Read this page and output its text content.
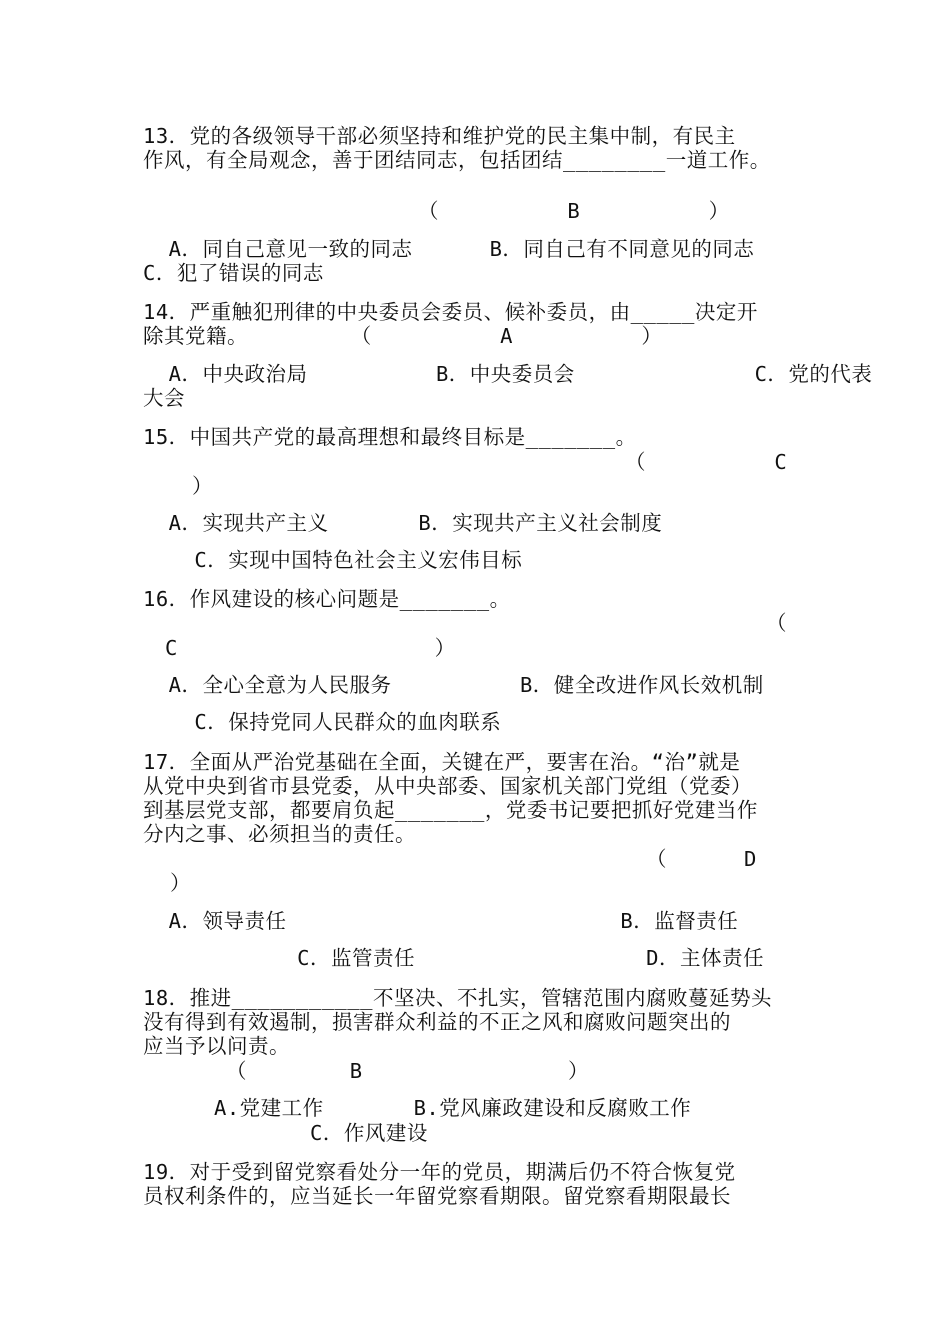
13．党的各级领导干部必须坚持和维护党的民主集中制，有民主
作风，有全局观念，善于团结同志，包括团结________一道工作。
（          B          ）
A．同自己意见一致的同志      B．同自己有不同意见的同志
C．犯了错误的同志
14．严重触犯刑律的中央委员会委员、候补委员，由_____决定开
除其党籍。        （          A          ）
A．中央政治局          B．中央委员会              C．党的代表
大会
15．中国共产党的最高理想和最终目标是_______。
（          C
）
A．实现共产主义       B．实现共产主义社会制度
C．实现中国特色社会主义宏伟目标
16．作风建设的核心问题是_______。
（
C                    ）
A．全心全意为人民服务          B．健全改进作风长效机制
C．保持党同人民群众的血肉联系
17．全面从严治党基础在全面，关键在严，要害在治。“治”就是
从党中央到省市县党委，从中央部委、国家机关部门党组（党委）
到基层党支部，都要肩负起_______，党委书记要把抓好党建当作
分内之事、必须担当的责任。
（      D
）
A．领导责任                          B．监督责任
C．监管责任                  D．主体责任
18．推进___________不坚决、不扎实，管辖范围内腐败蔓延势头
没有得到有效遏制，损害群众利益的不正之风和腐败问题突出的
应当予以问责。
（        B                ）
A.党建工作       B.党风廉政建设和反腐败工作
C．作风建设
19．对于受到留党察看处分一年的党员，期满后仍不符合恢复党
员权利条件的，应当延长一年留党察看期限。留党察看期限最长
